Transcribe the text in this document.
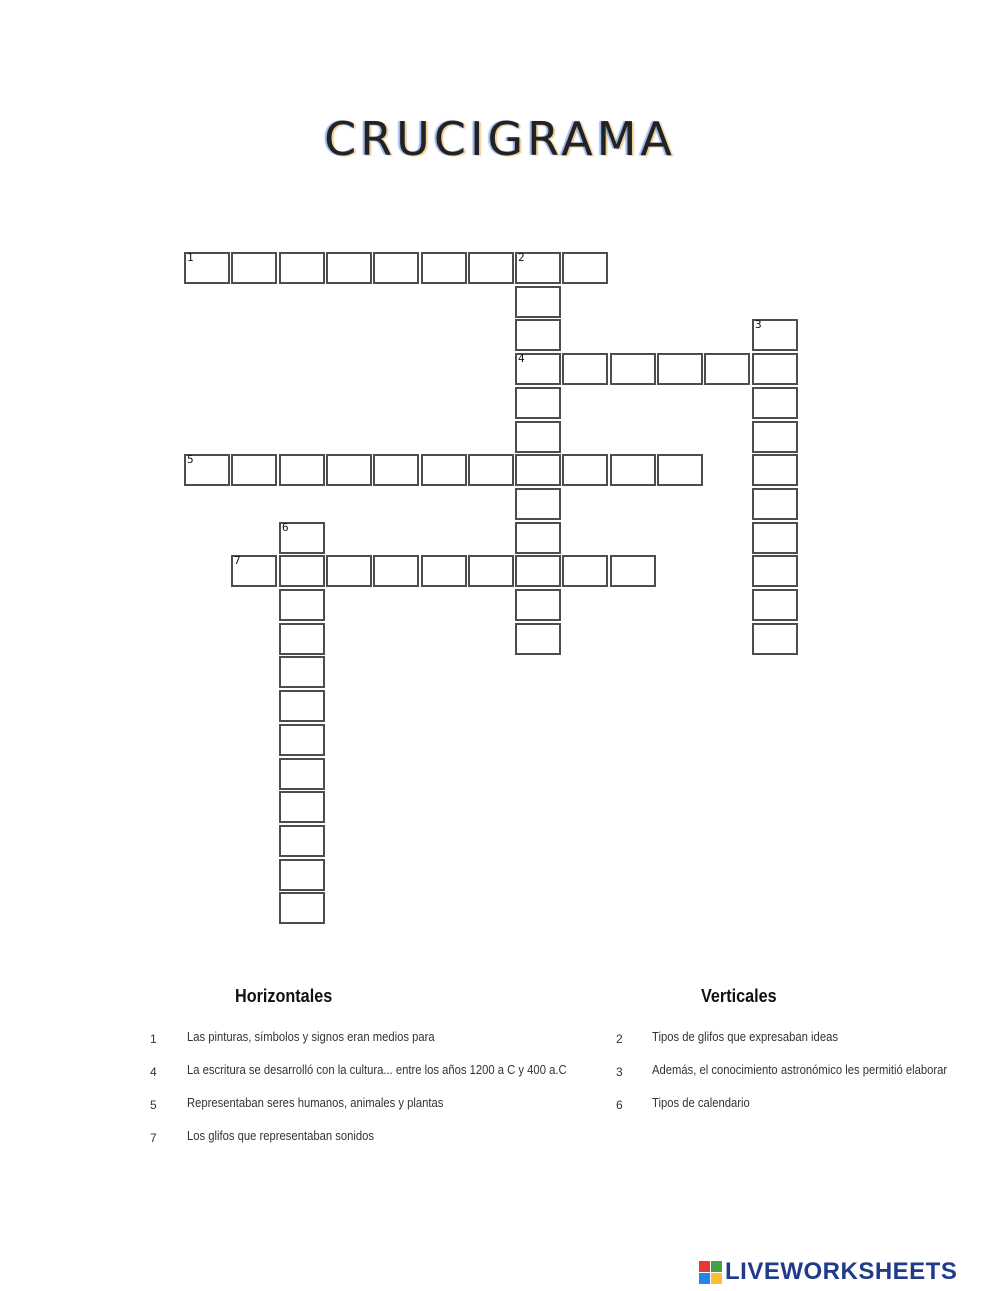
CRUCIGRAMA
1	2
3
4
5
6
7
Horizontales
1 Las pinturas, símbolos y signos eran medios para
4 La escritura se desarrolló con la cultura... entre los años 1200 a C y 400 a.C
5 Representaban seres humanos, animales y plantas
7 Los glifos que representaban sonidos
Verticales
2 Tipos de glifos que expresaban ideas
3 Además, el conocimiento astronómico les permitió elaborar
6 Tipos de calendario
LIVEWORKSHEETS
